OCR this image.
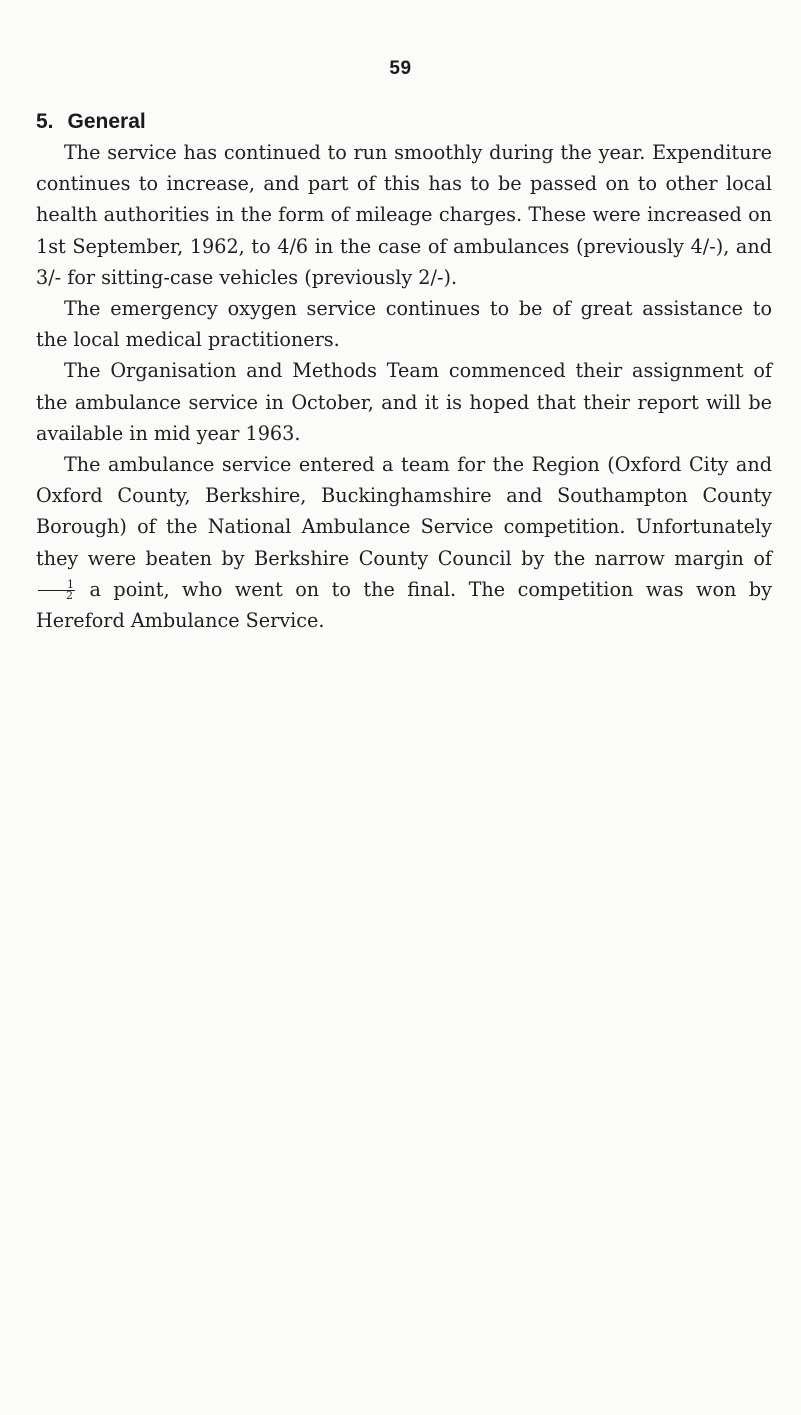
59
5. General

The service has continued to run smoothly during the year. Expenditure continues to increase, and part of this has to be passed on to other local health authorities in the form of mileage charges. These were increased on 1st September, 1962, to 4/6 in the case of ambulances (previously 4/-), and 3/- for sitting-case vehicles (previously 2/-).

The emergency oxygen service continues to be of great assistance to the local medical practitioners.

The Organisation and Methods Team commenced their assignment of the ambulance service in October, and it is hoped that their report will be available in mid year 1963.

The ambulance service entered a team for the Region (Oxford City and Oxford County, Berkshire, Buckinghamshire and Southampton County Borough) of the National Ambulance Service competition. Unfortunately they were beaten by Berkshire County Council by the narrow margin of
$\frac{1}{2}$ a point, who went on to the final. The competition was won by Hereford Ambulance Service.
